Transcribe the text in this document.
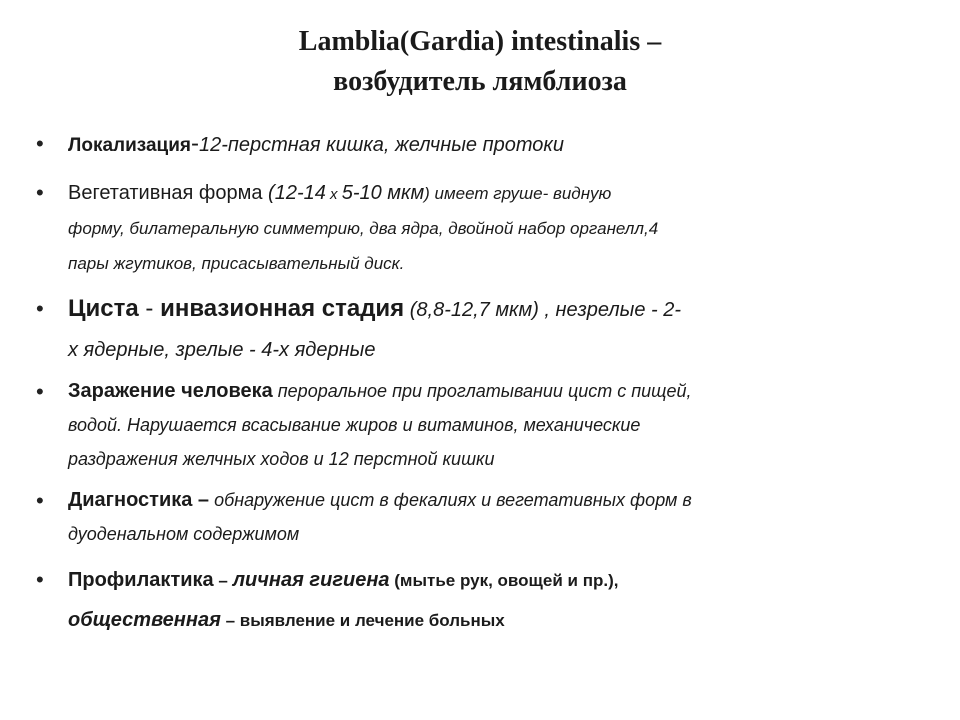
Lamblia(Gardia) intestinalis –
возбудитель лямблиоза
• Локализация-12-перстная кишка, желчные протоки
• Вегетативная форма (12-14 х 5-10 мкм) имеет груше- видную
форму, билатеральную симметрию, два ядра, двойной набор органелл,4
пары жгутиков, присасывательный диск.
• Циста - инвазионная стадия (8,8-12,7 мкм) , незрелые - 2-
х ядерные, зрелые - 4-х ядерные
• Заражение человека пероральное при проглатывании цист с пищей,
водой. Нарушается всасывание жиров и витаминов, механические
раздражения желчных ходов и 12 перстной кишки
• Диагностика – обнаружение цист в фекалиях и вегетативных форм в
дуоденальном содержимом
• Профилактика – личная гигиена (мытье рук, овощей и пр.),
общественная – выявление и лечение больных
